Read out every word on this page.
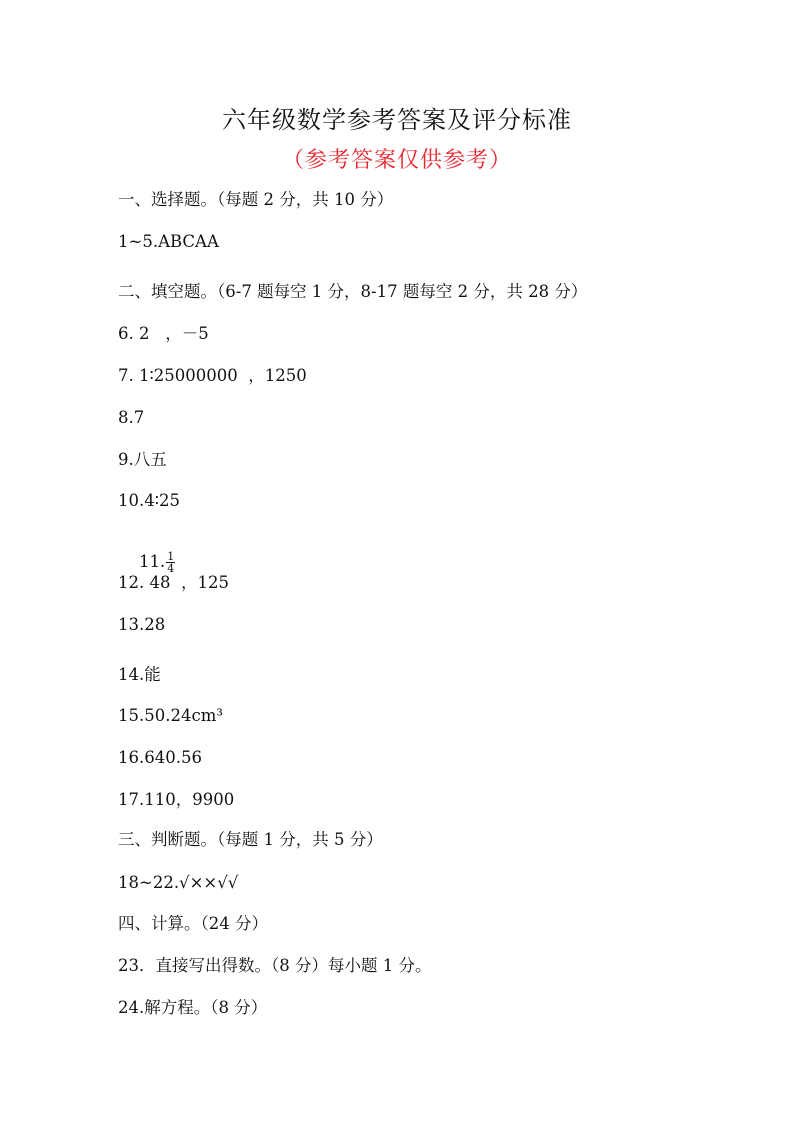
六年级数学参考答案及评分标准
（参考答案仅供参考）
一、选择题。（每题 2 分，共 10 分）
1~5.ABCAA
二、填空题。（6-7 题每空 1 分，8-17 题每空 2 分，共 28 分）
6. 2   ，－5
7. 1∶25000000  ，1250
8.7
9.八五
10.4∶25

11. $\frac{1}{4}$

12. 48  ，125
13.28
14.能
15.50.24cm³
16.640.56
17.110，9900
三、判断题。（每题 1 分，共 5 分）
18~22.√××√√
四、计算。（24 分）
23．直接写出得数。（8 分）每小题 1 分。
24.解方程。（8 分）
